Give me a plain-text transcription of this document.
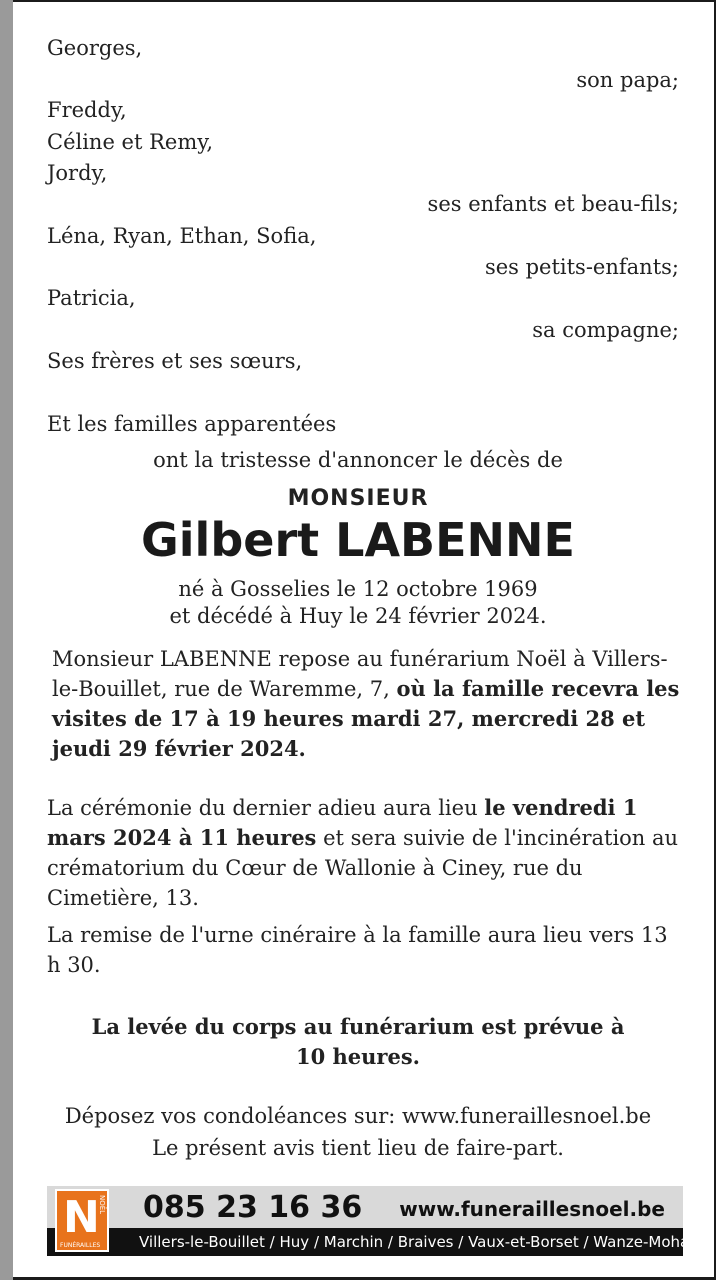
Georges,
son papa;
Freddy,
Céline et Remy,
Jordy,
ses enfants et beau-fils;
Léna, Ryan, Ethan, Sofia,
ses petits-enfants;
Patricia,
sa compagne;
Ses frères et ses sœurs,
Et les familles apparentées
ont la tristesse d'annoncer le décès de
MONSIEUR
Gilbert LABENNE
né à Gosselies le 12 octobre 1969
et décédé à Huy le 24 février 2024.
Monsieur LABENNE repose au funérarium Noël à Villers-le-Bouillet, rue de Waremme, 7, où la famille recevra les visites de 17 à 19 heures mardi 27, mercredi 28 et jeudi 29 février 2024.
La cérémonie du dernier adieu aura lieu le vendredi 1 mars 2024 à 11 heures et sera suivie de l'incinération au crématorium du Cœur de Wallonie à Ciney, rue du Cimetière, 13.
La remise de l'urne cinéraire à la famille aura lieu vers 13 h 30.
La levée du corps au funérarium est prévue à
10 heures.
Déposez vos condoléances sur: www.funeraillesnoel.be
Le présent avis tient lieu de faire-part.
N
NOËL
FUNÉRAILLES
085 23 16 36 www.funeraillesnoel.be
Villers-le-Bouillet / Huy / Marchin / Braives / Vaux-et-Borset / Wanze-Moha
